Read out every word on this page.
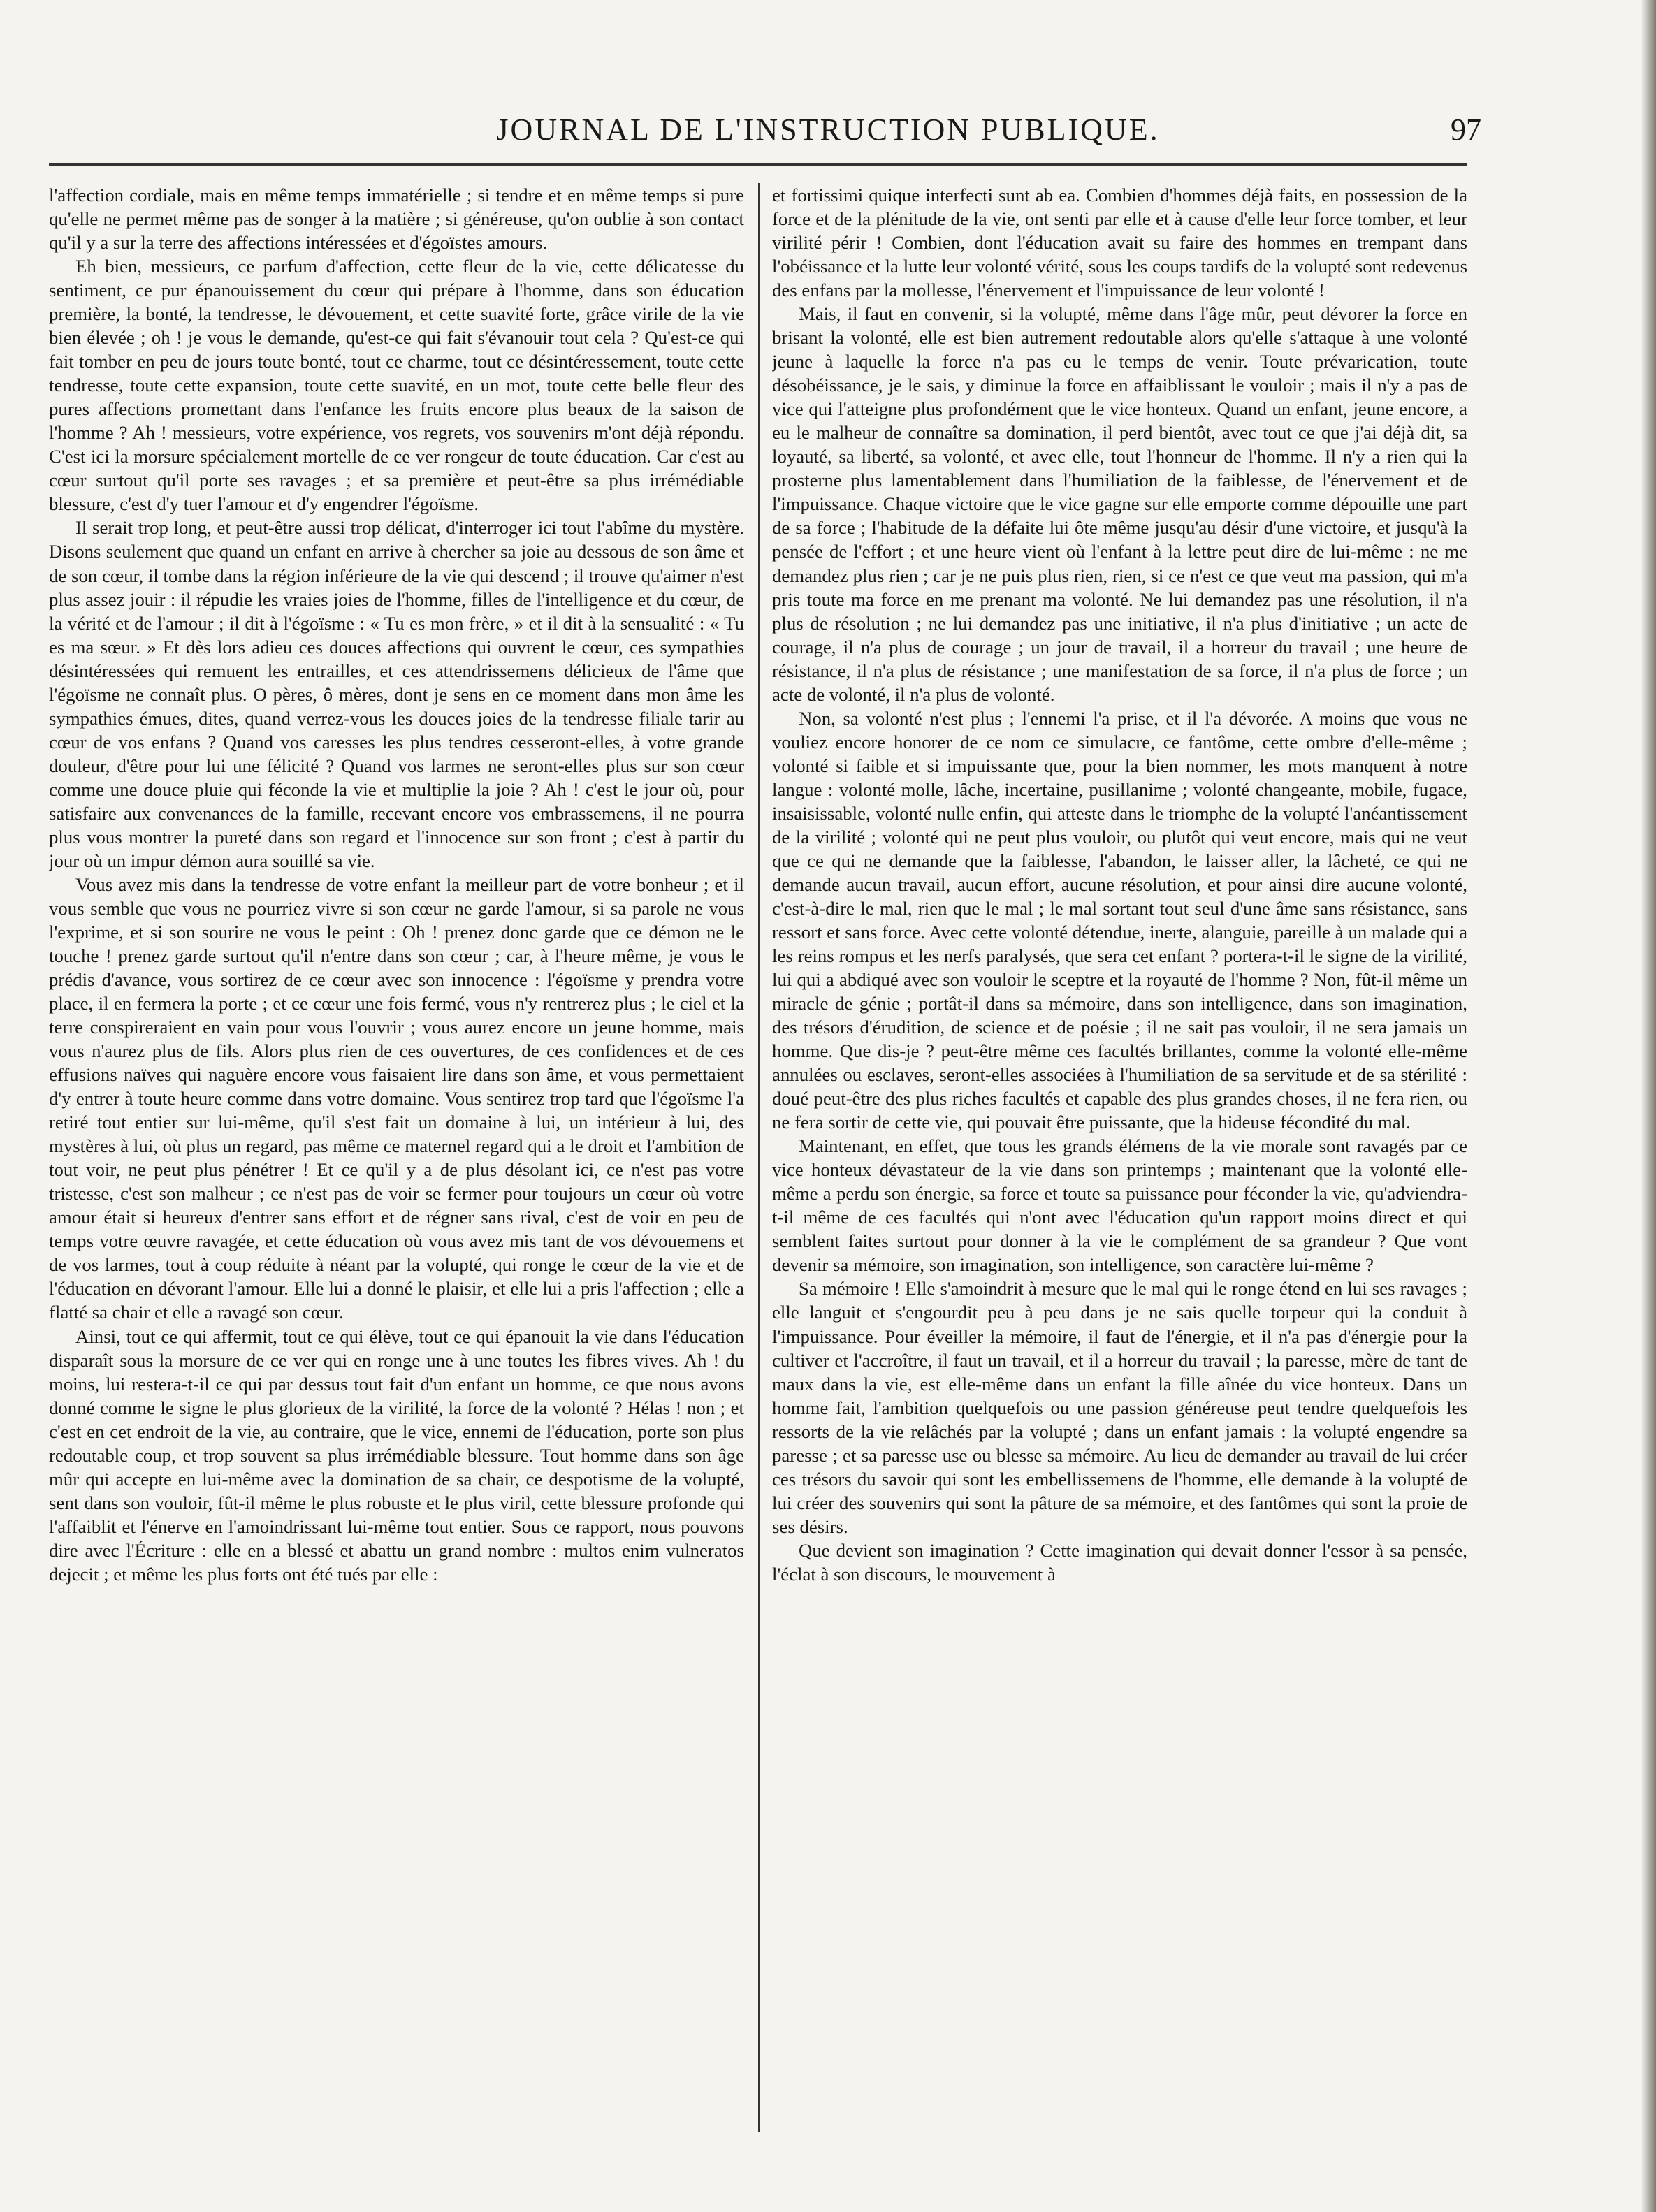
JOURNAL DE L'INSTRUCTION PUBLIQUE.	97

l'affection cordiale, mais en même temps immatérielle ; si tendre et en même temps si pure qu'elle ne permet même pas de songer à la matière ; si généreuse, qu'on oublie à son contact qu'il y a sur la terre des affections intéressées et d'égoïstes amours.

Eh bien, messieurs, ce parfum d'affection, cette fleur de la vie, cette délicatesse du sentiment, ce pur épanouissement du cœur qui prépare à l'homme, dans son éducation première, la bonté, la tendresse, le dévouement, et cette suavité forte, grâce virile de la vie bien élevée ; oh ! je vous le demande, qu'est-ce qui fait s'évanouir tout cela ? Qu'est-ce qui fait tomber en peu de jours toute bonté, tout ce charme, tout ce désintéressement, toute cette tendresse, toute cette expansion, toute cette suavité, en un mot, toute cette belle fleur des pures affections promettant dans l'enfance les fruits encore plus beaux de la saison de l'homme ? Ah ! messieurs, votre expérience, vos regrets, vos souvenirs m'ont déjà répondu. C'est ici la morsure spécialement mortelle de ce ver rongeur de toute éducation. Car c'est au cœur surtout qu'il porte ses ravages ; et sa première et peut-être sa plus irrémédiable blessure, c'est d'y tuer l'amour et d'y engendrer l'égoïsme.

Il serait trop long, et peut-être aussi trop délicat, d'interroger ici tout l'abîme du mystère. Disons seulement que quand un enfant en arrive à chercher sa joie au dessous de son âme et de son cœur, il tombe dans la région inférieure de la vie qui descend ; il trouve qu'aimer n'est plus assez jouir : il répudie les vraies joies de l'homme, filles de l'intelligence et du cœur, de la vérité et de l'amour ; il dit à l'égoïsme : « Tu es mon frère, » et il dit à la sensualité : « Tu es ma sœur. » Et dès lors adieu ces douces affections qui ouvrent le cœur, ces sympathies désintéressées qui remuent les entrailles, et ces attendrissemens délicieux de l'âme que l'égoïsme ne connaît plus. O pères, ô mères, dont je sens en ce moment dans mon âme les sympathies émues, dites, quand verrez-vous les douces joies de la tendresse filiale tarir au cœur de vos enfans ? Quand vos caresses les plus tendres cesseront-elles, à votre grande douleur, d'être pour lui une félicité ? Quand vos larmes ne seront-elles plus sur son cœur comme une douce pluie qui féconde la vie et multiplie la joie ? Ah ! c'est le jour où, pour satisfaire aux convenances de la famille, recevant encore vos embrassemens, il ne pourra plus vous montrer la pureté dans son regard et l'innocence sur son front ; c'est à partir du jour où un impur démon aura souillé sa vie.

Vous avez mis dans la tendresse de votre enfant la meilleur part de votre bonheur ; et il vous semble que vous ne pourriez vivre si son cœur ne garde l'amour, si sa parole ne vous l'exprime, et si son sourire ne vous le peint : Oh ! prenez donc garde que ce démon ne le touche ! prenez garde surtout qu'il n'entre dans son cœur ; car, à l'heure même, je vous le prédis d'avance, vous sortirez de ce cœur avec son innocence : l'égoïsme y prendra votre place, il en fermera la porte ; et ce cœur une fois fermé, vous n'y rentrerez plus ; le ciel et la terre conspireraient en vain pour vous l'ouvrir ; vous aurez encore un jeune homme, mais vous n'aurez plus de fils. Alors plus rien de ces ouvertures, de ces confidences et de ces effusions naïves qui naguère encore vous faisaient lire dans son âme, et vous permettaient d'y entrer à toute heure comme dans votre domaine. Vous sentirez trop tard que l'égoïsme l'a retiré tout entier sur lui-même, qu'il s'est fait un domaine à lui, un intérieur à lui, des mystères à lui, où plus un regard, pas même ce maternel regard qui a le droit et l'ambition de tout voir, ne peut plus pénétrer ! Et ce qu'il y a de plus désolant ici, ce n'est pas votre tristesse, c'est son malheur ; ce n'est pas de voir se fermer pour toujours un cœur où votre amour était si heureux d'entrer sans effort et de régner sans rival, c'est de voir en peu de temps votre œuvre ravagée, et cette éducation où vous avez mis tant de vos dévouemens et de vos larmes, tout à coup réduite à néant par la volupté, qui ronge le cœur de la vie et de l'éducation en dévorant l'amour. Elle lui a donné le plaisir, et elle lui a pris l'affection ; elle a flatté sa chair et elle a ravagé son cœur.

Ainsi, tout ce qui affermit, tout ce qui élève, tout ce qui épanouit la vie dans l'éducation disparaît sous la morsure de ce ver qui en ronge une à une toutes les fibres vives. Ah ! du moins, lui restera-t-il ce qui par dessus tout fait d'un enfant un homme, ce que nous avons donné comme le signe le plus glorieux de la virilité, la force de la volonté ? Hélas ! non ; et c'est en cet endroit de la vie, au contraire, que le vice, ennemi de l'éducation, porte son plus redoutable coup, et trop souvent sa plus irrémédiable blessure. Tout homme dans son âge mûr qui accepte en lui-même avec la domination de sa chair, ce despotisme de la volupté, sent dans son vouloir, fût-il même le plus robuste et le plus viril, cette blessure profonde qui l'affaiblit et l'énerve en l'amoindrissant lui-même tout entier. Sous ce rapport, nous pouvons dire avec l'Écriture : elle en a blessé et abattu un grand nombre : multos enim vulneratos dejecit ; et même les plus forts ont été tués par elle :

et fortissimi quique interfecti sunt ab ea. Combien d'hommes déjà faits, en possession de la force et de la plénitude de la vie, ont senti par elle et à cause d'elle leur force tomber, et leur virilité périr ! Combien, dont l'éducation avait su faire des hommes en trempant dans l'obéissance et la lutte leur volonté vérité, sous les coups tardifs de la volupté sont redevenus des enfans par la mollesse, l'énervement et l'impuissance de leur volonté !

Mais, il faut en convenir, si la volupté, même dans l'âge mûr, peut dévorer la force en brisant la volonté, elle est bien autrement redoutable alors qu'elle s'attaque à une volonté jeune à laquelle la force n'a pas eu le temps de venir. Toute prévarication, toute désobéissance, je le sais, y diminue la force en affaiblissant le vouloir ; mais il n'y a pas de vice qui l'atteigne plus profondément que le vice honteux. Quand un enfant, jeune encore, a eu le malheur de connaître sa domination, il perd bientôt, avec tout ce que j'ai déjà dit, sa loyauté, sa liberté, sa volonté, et avec elle, tout l'honneur de l'homme. Il n'y a rien qui la prosterne plus lamentablement dans l'humiliation de la faiblesse, de l'énervement et de l'impuissance. Chaque victoire que le vice gagne sur elle emporte comme dépouille une part de sa force ; l'habitude de la défaite lui ôte même jusqu'au désir d'une victoire, et jusqu'à la pensée de l'effort ; et une heure vient où l'enfant à la lettre peut dire de lui-même : ne me demandez plus rien ; car je ne puis plus rien, rien, si ce n'est ce que veut ma passion, qui m'a pris toute ma force en me prenant ma volonté. Ne lui demandez pas une résolution, il n'a plus de résolution ; ne lui demandez pas une initiative, il n'a plus d'initiative ; un acte de courage, il n'a plus de courage ; un jour de travail, il a horreur du travail ; une heure de résistance, il n'a plus de résistance ; une manifestation de sa force, il n'a plus de force ; un acte de volonté, il n'a plus de volonté.

Non, sa volonté n'est plus ; l'ennemi l'a prise, et il l'a dévorée. A moins que vous ne vouliez encore honorer de ce nom ce simulacre, ce fantôme, cette ombre d'elle-même ; volonté si faible et si impuissante que, pour la bien nommer, les mots manquent à notre langue : volonté molle, lâche, incertaine, pusillanime ; volonté changeante, mobile, fugace, insaisissable, volonté nulle enfin, qui atteste dans le triomphe de la volupté l'anéantissement de la virilité ; volonté qui ne peut plus vouloir, ou plutôt qui veut encore, mais qui ne veut que ce qui ne demande que la faiblesse, l'abandon, le laisser aller, la lâcheté, ce qui ne demande aucun travail, aucun effort, aucune résolution, et pour ainsi dire aucune volonté, c'est-à-dire le mal, rien que le mal ; le mal sortant tout seul d'une âme sans résistance, sans ressort et sans force. Avec cette volonté détendue, inerte, alanguie, pareille à un malade qui a les reins rompus et les nerfs paralysés, que sera cet enfant ? portera-t-il le signe de la virilité, lui qui a abdiqué avec son vouloir le sceptre et la royauté de l'homme ? Non, fût-il même un miracle de génie ; portât-il dans sa mémoire, dans son intelligence, dans son imagination, des trésors d'érudition, de science et de poésie ; il ne sait pas vouloir, il ne sera jamais un homme. Que dis-je ? peut-être même ces facultés brillantes, comme la volonté elle-même annulées ou esclaves, seront-elles associées à l'humiliation de sa servitude et de sa stérilité : doué peut-être des plus riches facultés et capable des plus grandes choses, il ne fera rien, ou ne fera sortir de cette vie, qui pouvait être puissante, que la hideuse fécondité du mal.

Maintenant, en effet, que tous les grands élémens de la vie morale sont ravagés par ce vice honteux dévastateur de la vie dans son printemps ; maintenant que la volonté elle-même a perdu son énergie, sa force et toute sa puissance pour féconder la vie, qu'adviendra-t-il même de ces facultés qui n'ont avec l'éducation qu'un rapport moins direct et qui semblent faites surtout pour donner à la vie le complément de sa grandeur ? Que vont devenir sa mémoire, son imagination, son intelligence, son caractère lui-même ?

Sa mémoire ! Elle s'amoindrit à mesure que le mal qui le ronge étend en lui ses ravages ; elle languit et s'engourdit peu à peu dans je ne sais quelle torpeur qui la conduit à l'impuissance. Pour éveiller la mémoire, il faut de l'énergie, et il n'a pas d'énergie pour la cultiver et l'accroître, il faut un travail, et il a horreur du travail ; la paresse, mère de tant de maux dans la vie, est elle-même dans un enfant la fille aînée du vice honteux. Dans un homme fait, l'ambition quelquefois ou une passion généreuse peut tendre quelquefois les ressorts de la vie relâchés par la volupté ; dans un enfant jamais : la volupté engendre sa paresse ; et sa paresse use ou blesse sa mémoire. Au lieu de demander au travail de lui créer ces trésors du savoir qui sont les embellissemens de l'homme, elle demande à la volupté de lui créer des souvenirs qui sont la pâture de sa mémoire, et des fantômes qui sont la proie de ses désirs.

Que devient son imagination ? Cette imagination qui devait donner l'essor à sa pensée, l'éclat à son discours, le mouvement à
